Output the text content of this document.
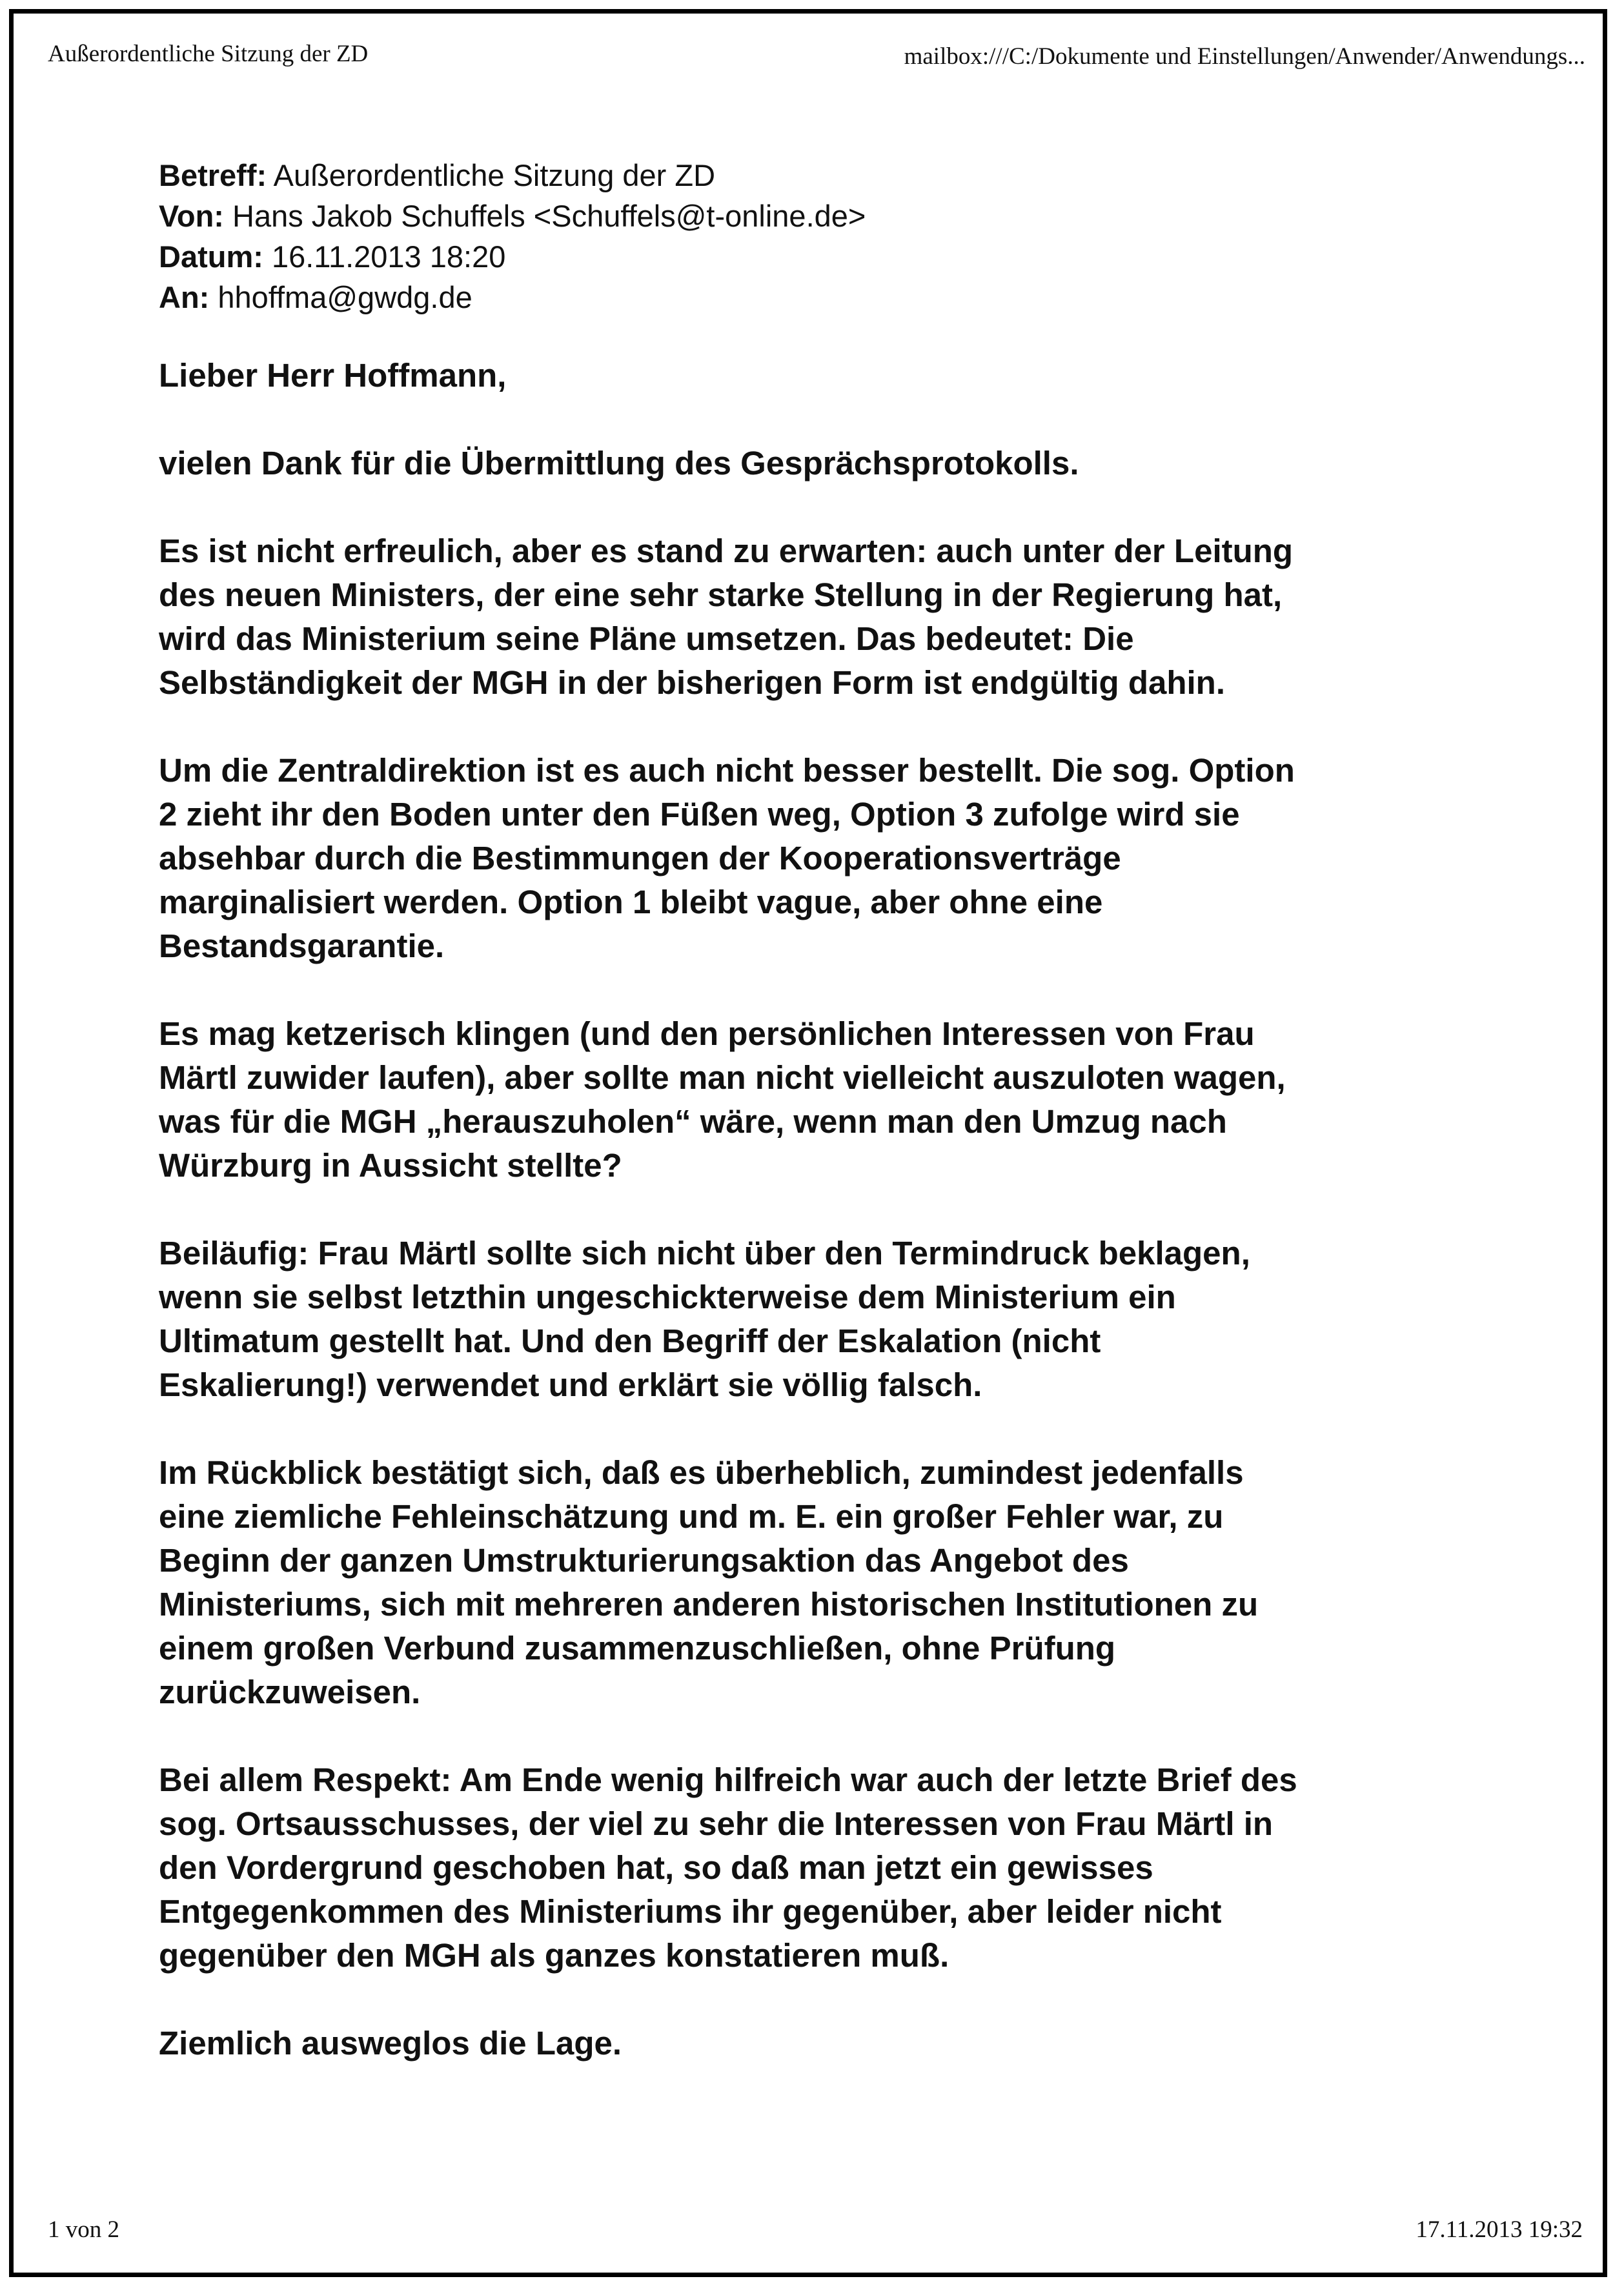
Außerordentliche Sitzung der ZD	mailbox:///C:/Dokumente und Einstellungen/Anwender/Anwendungs...
Betreff: Außerordentliche Sitzung der ZD
Von: Hans Jakob Schuffels <Schuffels@t-online.de>
Datum: 16.11.2013 18:20
An: hhoffma@gwdg.de
Lieber Herr Hoffmann,
vielen Dank für die Übermittlung des Gesprächsprotokolls.
Es ist nicht erfreulich, aber es stand zu erwarten: auch unter der Leitung
des neuen Ministers, der eine sehr starke Stellung in der Regierung hat,
wird das Ministerium seine Pläne umsetzen. Das bedeutet: Die
Selbständigkeit der MGH in der bisherigen Form ist endgültig dahin.
Um die Zentraldirektion ist es auch nicht besser bestellt. Die sog. Option
2 zieht ihr den Boden unter den Füßen weg, Option 3 zufolge wird sie
absehbar durch die Bestimmungen der Kooperationsverträge
marginalisiert werden. Option 1 bleibt vague, aber ohne eine
Bestandsgarantie.
Es mag ketzerisch klingen (und den persönlichen Interessen von Frau
Märtl zuwider laufen), aber sollte man nicht vielleicht auszuloten wagen,
was für die MGH „herauszuholen“ wäre, wenn man den Umzug nach
Würzburg in Aussicht stellte?
Beiläufig: Frau Märtl sollte sich nicht über den Termindruck beklagen,
wenn sie selbst letzthin ungeschickterweise dem Ministerium ein
Ultimatum gestellt hat. Und den Begriff der Eskalation (nicht
Eskalierung!) verwendet und erklärt sie völlig falsch.
Im Rückblick bestätigt sich, daß es überheblich, zumindest jedenfalls
eine ziemliche Fehleinschätzung und m. E. ein großer Fehler war, zu
Beginn der ganzen Umstrukturierungsaktion das Angebot des
Ministeriums, sich mit mehreren anderen historischen Institutionen zu
einem großen Verbund zusammenzuschließen, ohne Prüfung
zurückzuweisen.
Bei allem Respekt: Am Ende wenig hilfreich war auch der letzte Brief des
sog. Ortsausschusses, der viel zu sehr die Interessen von Frau Märtl in
den Vordergrund geschoben hat, so daß man jetzt ein gewisses
Entgegenkommen des Ministeriums ihr gegenüber, aber leider nicht
gegenüber den MGH als ganzes konstatieren muß.
Ziemlich ausweglos die Lage.
1 von 2	17.11.2013 19:32
